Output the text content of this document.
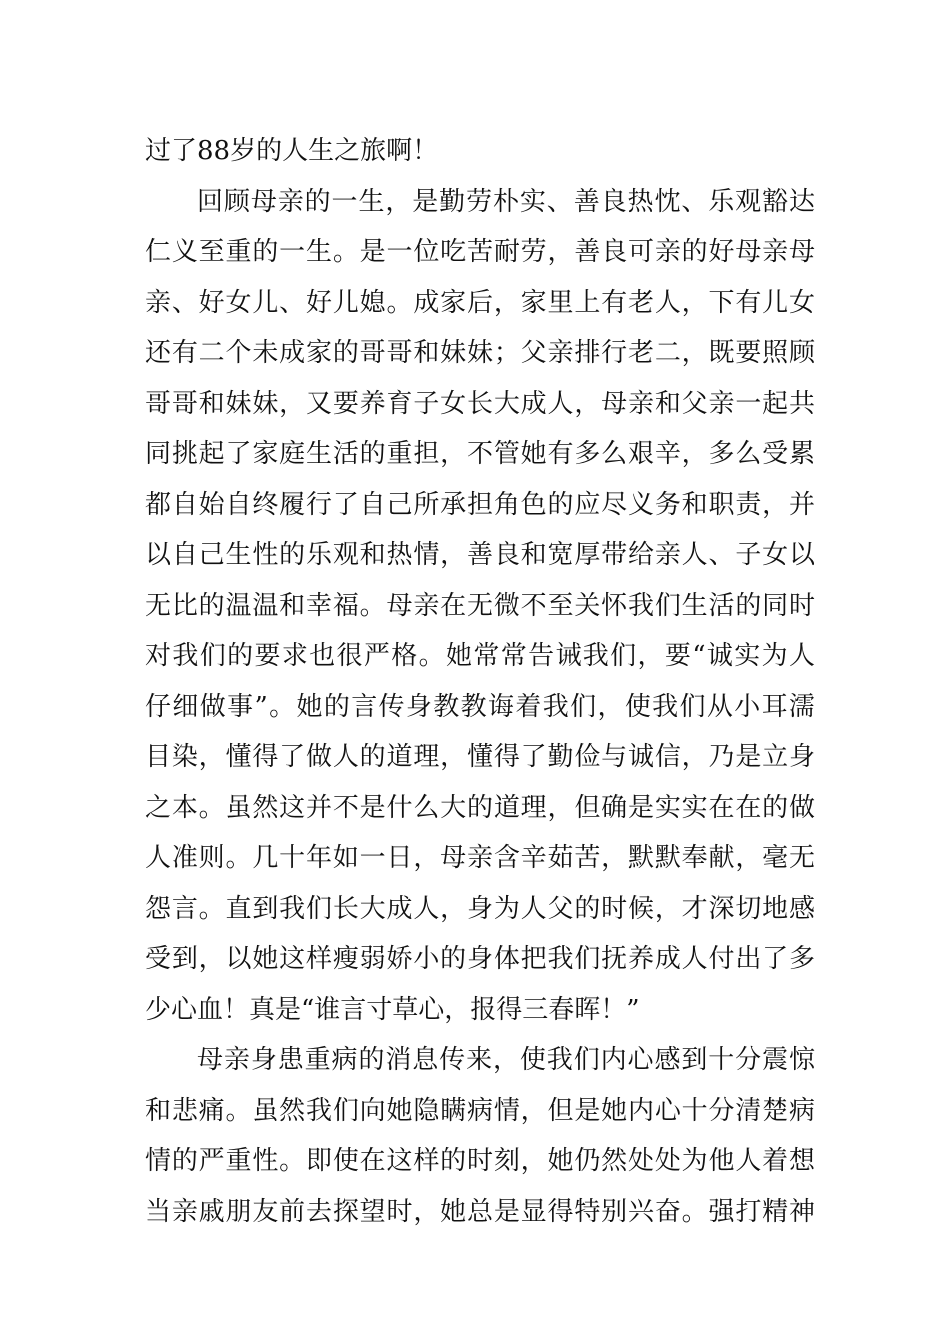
过了88岁的人生之旅啊！
回顾母亲的一生，是勤劳朴实、善良热忱、乐观豁达
仁义至重的一生。是一位吃苦耐劳，善良可亲的好母亲母
亲、好女儿、好儿媳。成家后，家里上有老人，下有儿女
还有二个未成家的哥哥和妹妹；父亲排行老二，既要照顾
哥哥和妹妹，又要养育子女长大成人，母亲和父亲一起共
同挑起了家庭生活的重担，不管她有多么艰辛，多么受累
都自始自终履行了自己所承担角色的应尽义务和职责，并
以自己生性的乐观和热情，善良和宽厚带给亲人、子女以
无比的温温和幸福。母亲在无微不至关怀我们生活的同时
对我们的要求也很严格。她常常告诫我们，要“诚实为人
仔细做事”。她的言传身教教诲着我们，使我们从小耳濡
目染，懂得了做人的道理，懂得了勤俭与诚信，乃是立身
之本。虽然这并不是什么大的道理，但确是实实在在的做
人准则。几十年如一日，母亲含辛茹苦，默默奉献，毫无
怨言。直到我们长大成人，身为人父的时候，才深切地感
受到，以她这样瘦弱娇小的身体把我们抚养成人付出了多
少心血！真是“谁言寸草心，报得三春晖！”
母亲身患重病的消息传来，使我们内心感到十分震惊
和悲痛。虽然我们向她隐瞒病情，但是她内心十分清楚病
情的严重性。即使在这样的时刻，她仍然处处为他人着想
当亲戚朋友前去探望时，她总是显得特别兴奋。强打精神
